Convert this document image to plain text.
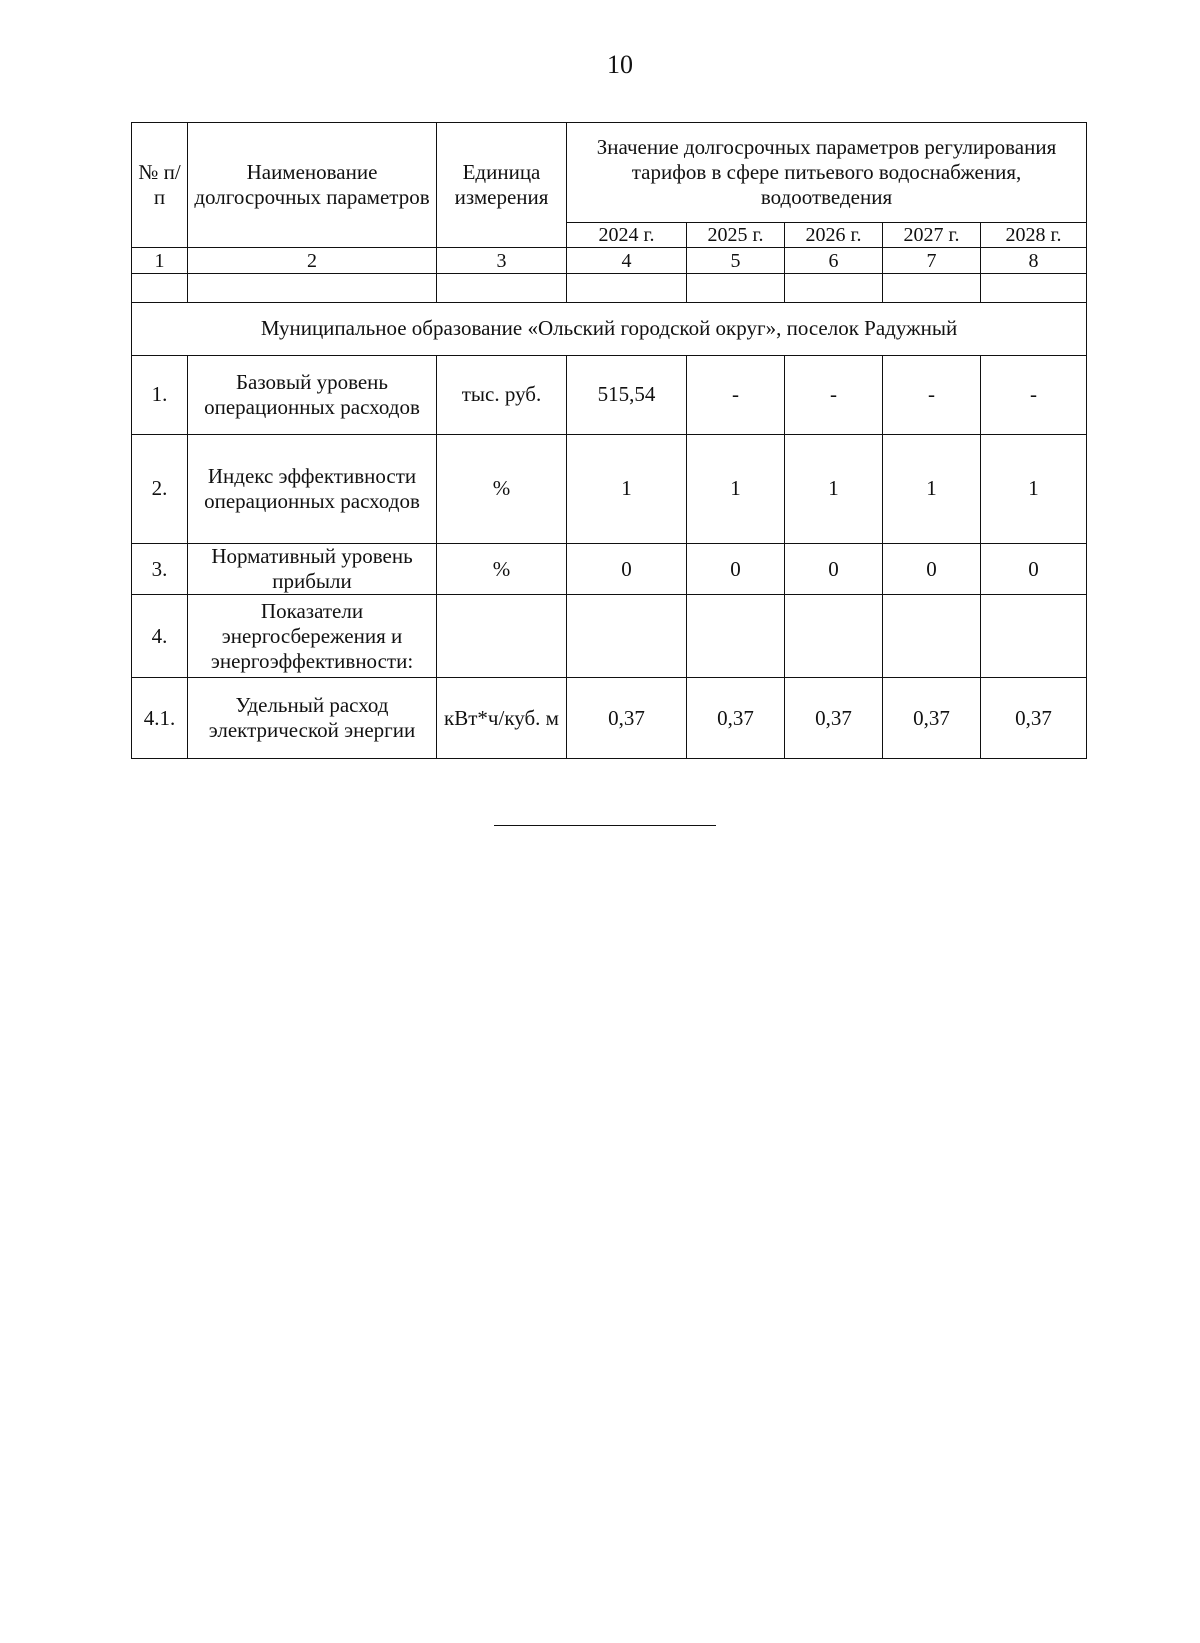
10
№ п/п	Наименование долгосрочных параметров	Единица измерения	Значение долгосрочных параметров регулирования тарифов в сфере питьевого водоснабжения, водоотведения				
			2024 г.	2025 г.	2026 г.	2027 г.	2028 г.
1	2	3	4	5	6	7	8

Муниципальное образование «Ольский городской округ», поселок Радужный							
1.	Базовый уровень операционных расходов	тыс. руб.	515,54	-	-	-	-
2.	Индекс эффективности операционных расходов	%	1	1	1	1	1
3.	Нормативный уровень прибыли	%	0	0	0	0	0
4.	Показатели энергосбережения и энергоэффективности:						
4.1.	Удельный расход электрической энергии	кВт*ч/куб. м	0,37	0,37	0,37	0,37	0,37
